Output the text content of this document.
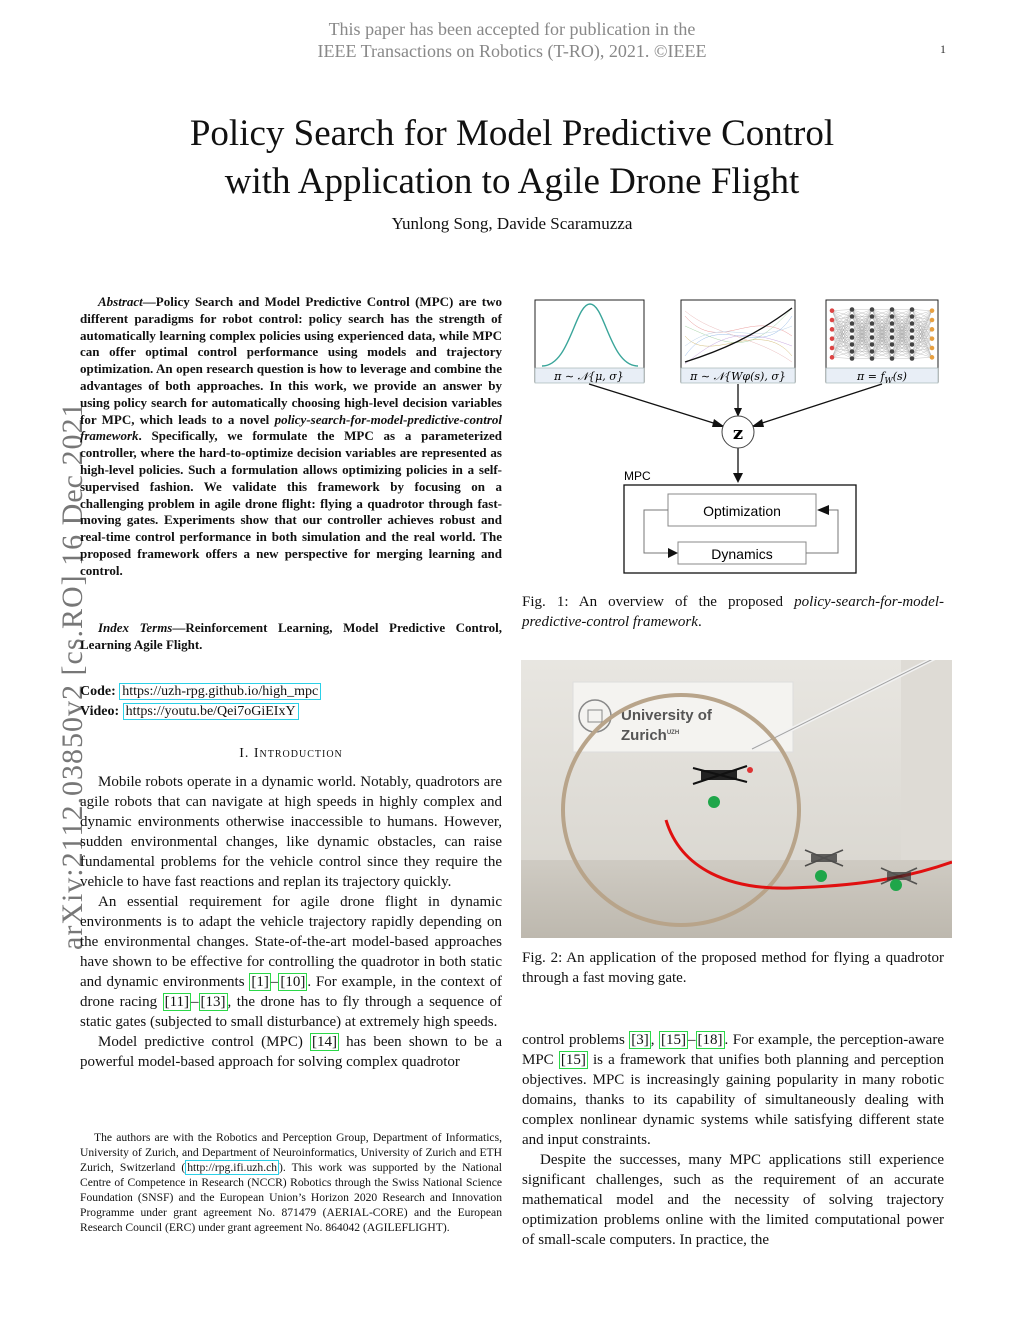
This paper has been accepted for publication in the
IEEE Transactions on Robotics (T-RO), 2021. ©IEEE	1
Policy Search for Model Predictive Control
with Application to Agile Drone Flight
Yunlong Song, Davide Scaramuzza
arXiv:2112.03850v2 [cs.RO] 16 Dec 2021
Abstract—Policy Search and Model Predictive Control (MPC) are two different paradigms for robot control: policy search has the strength of automatically learning complex policies using experienced data, while MPC can offer optimal control performance using models and trajectory optimization. An open research question is how to leverage and combine the advantages of both approaches. In this work, we provide an answer by using policy search for automatically choosing high-level decision variables for MPC, which leads to a novel policy-search-for-model-predictive-control framework. Specifically, we formulate the MPC as a parameterized controller, where the hard-to-optimize decision variables are represented as high-level policies. Such a formulation allows optimizing policies in a self-supervised fashion. We validate this framework by focusing on a challenging problem in agile drone flight: flying a quadrotor through fast-moving gates. Experiments show that our controller achieves robust and real-time control performance in both simulation and the real world. The proposed framework offers a new perspective for merging learning and control.
Index Terms—Reinforcement Learning, Model Predictive Control, Learning Agile Flight.
Code: https://uzh-rpg.github.io/high_mpc
Video: https://youtu.be/Qei7oGiEIxY
I. Introduction

Mobile robots operate in a dynamic world. Notably, quadrotors are agile robots that can navigate at high speeds in highly complex and dynamic environments otherwise inaccessible to humans. However, sudden environmental changes, like dynamic obstacles, can raise fundamental problems for the vehicle control since they require the vehicle to have fast reactions and replan its trajectory quickly.

An essential requirement for agile drone flight in dynamic environments is to adapt the vehicle trajectory rapidly depending on the environmental changes. State-of-the-art model-based approaches have shown to be effective for controlling the quadrotor in both static and dynamic environments [1] – [10] . For example, in the context of drone racing [11] – [13] , the drone has to fly through a sequence of static gates (subjected to small disturbance) at extremely high speeds.

Model predictive control (MPC) [14] has been shown to be a powerful model-based approach for solving complex quadrotor

The authors are with the Robotics and Perception Group, Department of Informatics, University of Zurich, and Department of Neuroinformatics, University of Zurich and ETH Zurich, Switzerland ( http://rpg.ifi.uzh.ch ). This work was supported by the National Centre of Competence in Research (NCCR) Robotics through the Swiss National Science Foundation (SNSF) and the European Union’s Horizon 2020 Research and Innovation Programme under grant agreement No. 871479 (AERIAL-CORE) and the European Research Council (ERC) under grant agreement No. 864042 (AGILEFLIGHT).

π ∼ 𝒩{μ, σ}	π ∼ 𝒩{Wφ(s), σ}	$\pi = f_W(s)$
z
MPC
Optimization
Dynamics
Fig. 1: An overview of the proposed policy-search-for-model-predictive-control framework.
University of
Zurich$^{UZH}$
Fig. 2: An application of the proposed method for flying a quadrotor through a fast moving gate.

control problems [3] , [15] – [18] . For example, the perception-aware MPC [15] is a framework that unifies both planning and perception objectives. MPC is increasingly gaining popularity in many robotic domains, thanks to its capability of simultaneously dealing with complex nonlinear dynamic systems while satisfying different state and input constraints.

Despite the successes, many MPC applications still experience significant challenges, such as the requirement of an accurate mathematical model and the necessity of solving trajectory optimization problems online with the limited computational power of small-scale computers. In practice, the
